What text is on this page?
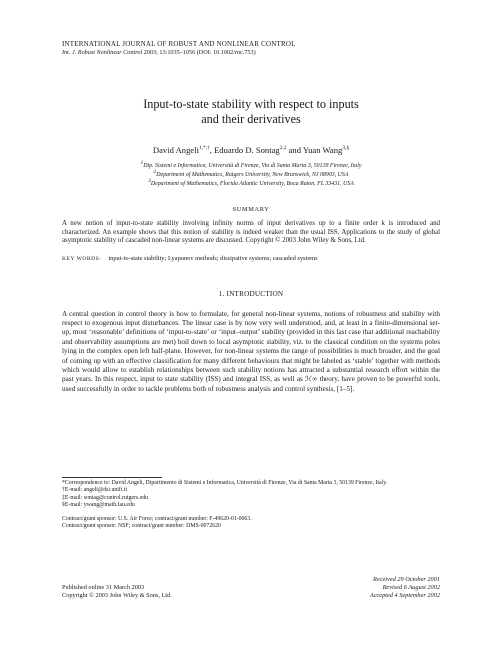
INTERNATIONAL JOURNAL OF ROBUST AND NONLINEAR CONTROL
Int. J. Robust Nonlinear Control 2003; 13:1035–1056 (DOI: 10.1002/rnc.753)
Input-to-state stability with respect to inputs
and their derivatives
David Angeli$^{1,*,\dagger}$, Eduardo D. Sontag$^{2,\ddagger}$ and Yuan Wang$^{3,\S}$
$^1$Dip. Sistemi e Informatica, Università di Firenze, Via di Santa Marta 3, 50139 Firenze, Italy
$^2$Department of Mathematics, Rutgers University, New Brunswick, NJ 08903, USA
$^3$Department of Mathematics, Florida Atlantic University, Boca Raton, FL 33431, USA
SUMMARY
A new notion of input-to-state stability involving infinity norms of input derivatives up to a finite order k is introduced and characterized. An example shows that this notion of stability is indeed weaker than the usual ISS. Applications to the study of global asymptotic stability of cascaded non-linear systems are discussed. Copyright © 2003 John Wiley & Sons, Ltd.
KEY WORDS: input-to-state stability; Lyapunov methods; dissipative systems; cascaded systems
1. INTRODUCTION
A central question in control theory is how to formulate, for general non-linear systems, notions of robustness and stability with respect to exogenous input disturbances. The linear case is by now very well understood, and, at least in a finite-dimensional set-up, most ‘reasonable’ definitions of ‘input-to-state’ or ‘input–output’ stability (provided in this last case that additional reachability and observability assumptions are met) boil down to local asymptotic stability, viz. to the classical condition on the systems poles lying in the complex open left half-plane. However, for non-linear systems the range of possibilities is much broader, and the goal of coming up with an effective classification for many different behaviours that might be labeled as ‘stable’ together with methods which would allow to establish relationships between such stability notions has attracted a substantial research effort within the past years. In this respect, input to state stability (ISS) and integral ISS, as well as ℋ∞ theory, have proven to be powerful tools, used successfully in order to tackle problems both of robustness analysis and control synthesis, [1–5].
*Correspondence to: David Angeli, Dipartimento di Sistemi e Informatica, Università di Firenze, Via di Santa Marta 3, 50139 Firenze, Italy.
†E-mail: angeli@dsi.unifi.it
‡E-mail: sontag@control.rutgers.edu
§E-mail: ywang@math.fau.edu
Contract/grant sponsor: U.S. Air Force; contract/grant number: F-49620-01-0063.
Contract/grant sponsor: NSF; contract/grant number: DMS-0072620
Published online 31 March 2003
Copyright © 2003 John Wiley & Sons, Ltd.
Received 29 October 2001
Revised 6 August 2002
Accepted 4 September 2002
